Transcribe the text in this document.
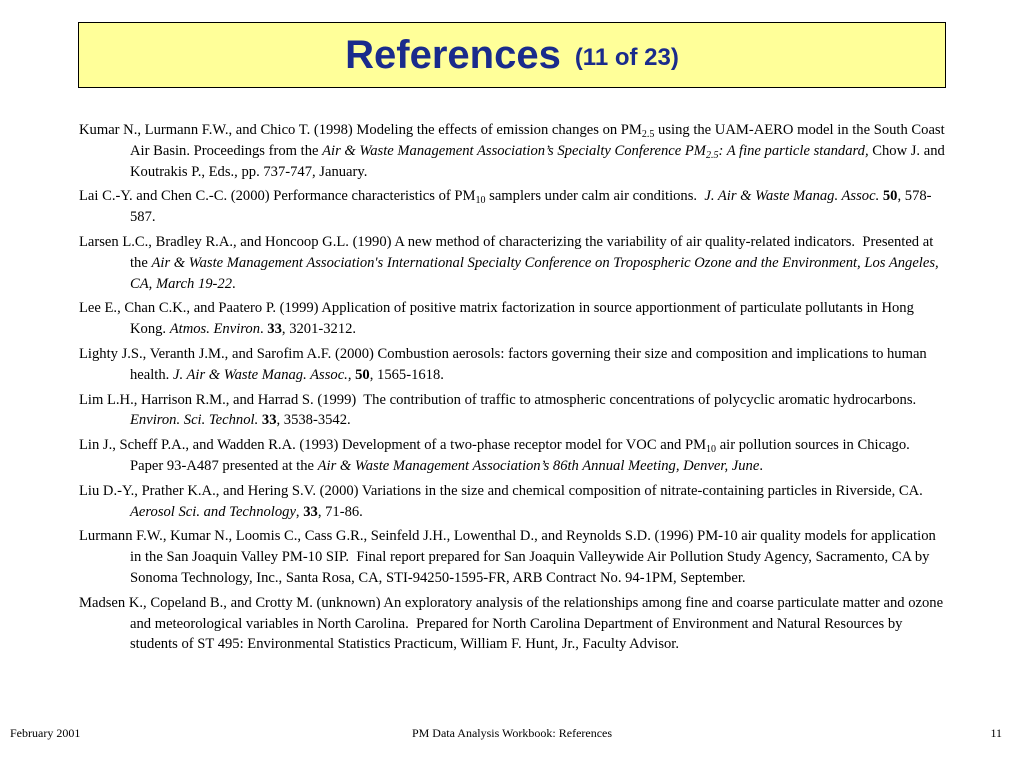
References (11 of 23)

Kumar N., Lurmann F.W., and Chico T. (1998) Modeling the effects of emission changes on $PM_{2.5}$ using the UAM-AERO model in the South Coast Air Basin. Proceedings from the Air & Waste Management Association’s Specialty Conference $PM_{2.5}$: A fine particle standard, Chow J. and Koutrakis P., Eds., pp. 737-747, January.

Lai C.-Y. and Chen C.-C. (2000) Performance characteristics of $PM_{10}$ samplers under calm air conditions.  J. Air & Waste Manag. Assoc. 50, 578-587.

Larsen L.C., Bradley R.A., and Honcoop G.L. (1990) A new method of characterizing the variability of air quality-related indicators.  Presented at the Air & Waste Management Association's International Specialty Conference on Tropospheric Ozone and the Environment, Los Angeles, CA, March 19-22.

Lee E., Chan C.K., and Paatero P. (1999) Application of positive matrix factorization in source apportionment of particulate pollutants in Hong Kong. Atmos. Environ. 33, 3201-3212.

Lighty J.S., Veranth J.M., and Sarofim A.F. (2000) Combustion aerosols: factors governing their size and composition and implications to human health. J. Air & Waste Manag. Assoc., 50, 1565-1618.

Lim L.H., Harrison R.M., and Harrad S. (1999)  The contribution of traffic to atmospheric concentrations of polycyclic aromatic hydrocarbons.  Environ. Sci. Technol. 33, 3538-3542.

Lin J., Scheff P.A., and Wadden R.A. (1993) Development of a two-phase receptor model for VOC and $PM_{10}$ air pollution sources in Chicago.  Paper 93-A487 presented at the Air & Waste Management Association’s 86th Annual Meeting, Denver, June.

Liu D.-Y., Prather K.A., and Hering S.V. (2000) Variations in the size and chemical composition of nitrate-containing particles in Riverside, CA.  Aerosol Sci. and Technology, 33, 71-86.

Lurmann F.W., Kumar N., Loomis C., Cass G.R., Seinfeld J.H., Lowenthal D., and Reynolds S.D. (1996) PM-10 air quality models for application in the San Joaquin Valley PM-10 SIP.  Final report prepared for San Joaquin Valleywide Air Pollution Study Agency, Sacramento, CA by Sonoma Technology, Inc., Santa Rosa, CA, STI-94250-1595-FR, ARB Contract No. 94-1PM, September.

Madsen K., Copeland B., and Crotty M. (unknown) An exploratory analysis of the relationships among fine and coarse particulate matter and ozone and meteorological variables in North Carolina.  Prepared for North Carolina Department of Environment and Natural Resources by students of ST 495: Environmental Statistics Practicum, William F. Hunt, Jr., Faculty Advisor.

February 2001	PM Data Analysis Workbook: References	11
